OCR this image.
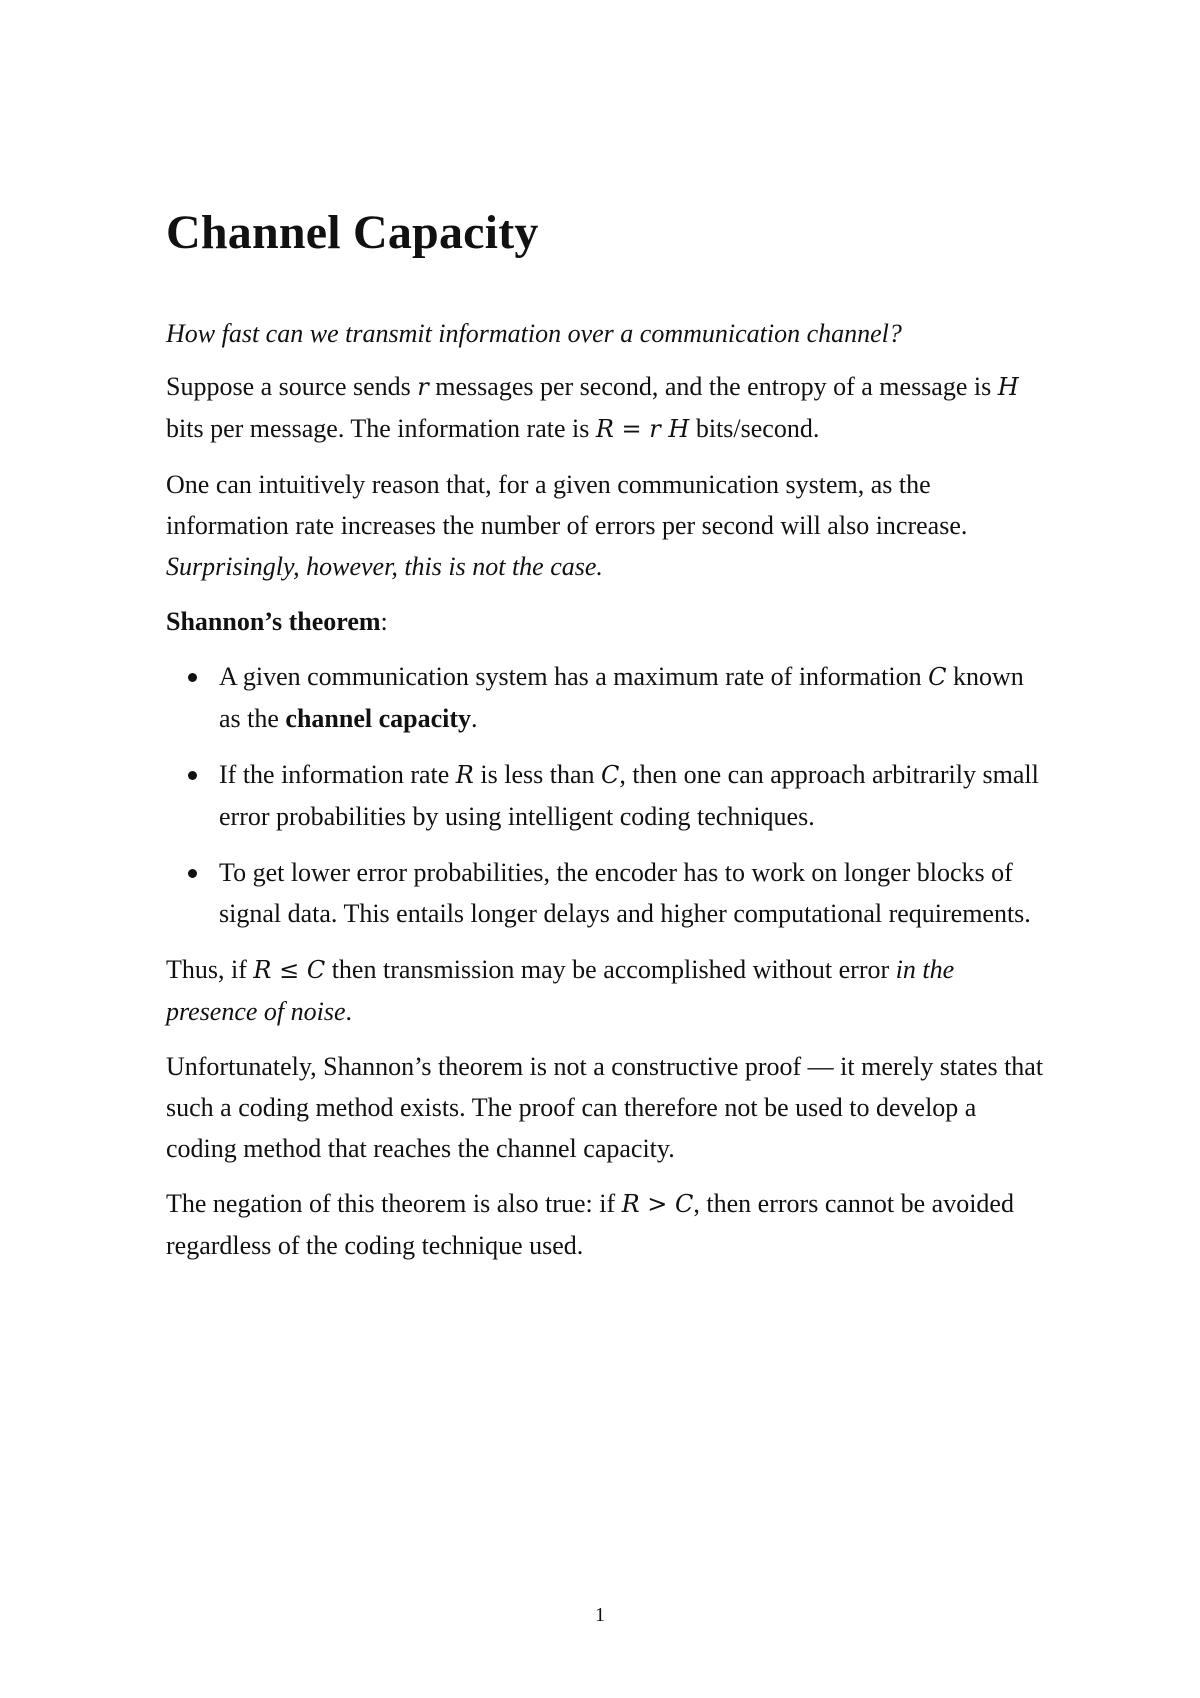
Channel Capacity

How fast can we transmit information over a communication channel?

Suppose a source sends r messages per second, and the entropy of a message is H bits per message. The information rate is R = r H bits/second.

One can intuitively reason that, for a given communication system, as the information rate increases the number of errors per second will also increase. Surprisingly, however, this is not the case.

Shannon’s theorem:

A given communication system has a maximum rate of information C known as the channel capacity.
If the information rate R is less than C, then one can approach arbitrarily small error probabilities by using intelligent coding techniques.
To get lower error probabilities, the encoder has to work on longer blocks of signal data. This entails longer delays and higher computational requirements.

Thus, if R ≤ C then transmission may be accomplished without error in the presence of noise.

Unfortunately, Shannon’s theorem is not a constructive proof — it merely states that such a coding method exists. The proof can therefore not be used to develop a coding method that reaches the channel capacity.

The negation of this theorem is also true: if R > C, then errors cannot be avoided regardless of the coding technique used.

1
